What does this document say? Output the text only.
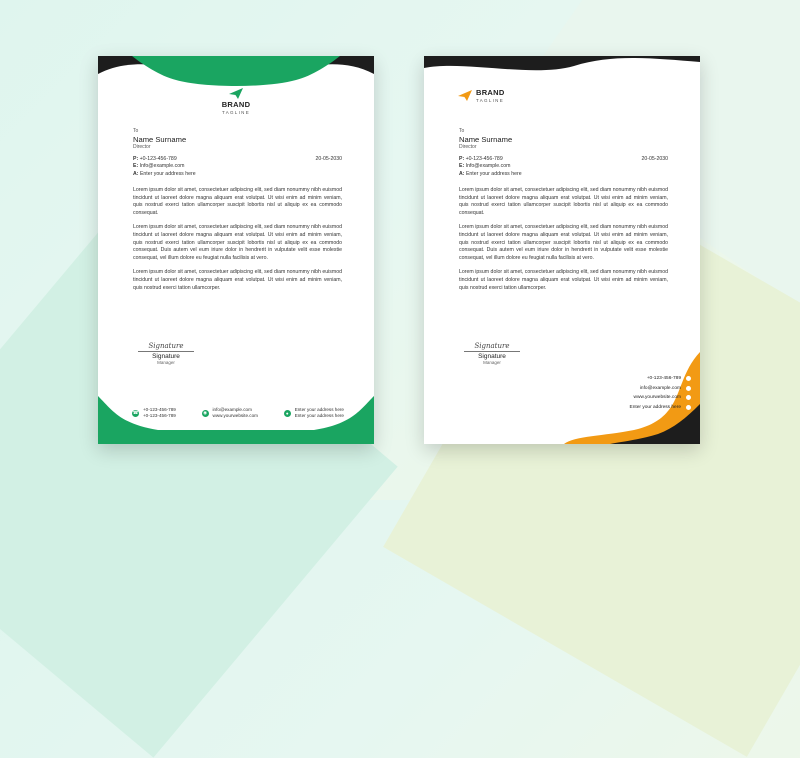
BRAND
TAGLINE
To
Name Surname
Director
P: +0-123-456-789
E: Info@example.com
A: Enter your address here
20-05-2030

Lorem ipsum dolor sit amet, consectetuer adipiscing elit, sed diam nonummy nibh euismod tincidunt ut laoreet dolore magna aliquam erat volutpat. Ut wisi enim ad minim veniam, quis nostrud exerci tation ullamcorper suscipit lobortis nisl ut aliquip ex ea commodo consequat.

Lorem ipsum dolor sit amet, consectetuer adipiscing elit, sed diam nonummy nibh euismod tincidunt ut laoreet dolore magna aliquam erat volutpat. Ut wisi enim ad minim veniam, quis nostrud exerci tation ullamcorper suscipit lobortis nisl ut aliquip ex ea commodo consequat. Duis autem vel eum iriure dolor in hendrerit in vulputate velit esse molestie consequat, vel illum dolore eu feugiat nulla facilisis at vero.

Lorem ipsum dolor sit amet, consectetuer adipiscing elit, sed diam nonummy nibh euismod tincidunt ut laoreet dolore magna aliquam erat volutpat. Ut wisi enim ad minim veniam, quis nostrud exerci tation ullamcorper.

Signature
Signature
Manager
☎
+0-123-456-789
+0-123-456-789
◉
info@example.com
www.yourwebsite.com	●
Enter your address here
Enter your address here
BRAND
TAGLINE
To
Name Surname
Director
P: +0-123-456-789
E: Info@example.com
A: Enter your address here
20-05-2030

Lorem ipsum dolor sit amet, consectetuer adipiscing elit, sed diam nonummy nibh euismod tincidunt ut laoreet dolore magna aliquam erat volutpat. Ut wisi enim ad minim veniam, quis nostrud exerci tation ullamcorper suscipit lobortis nisl ut aliquip ex ea commodo consequat.

Lorem ipsum dolor sit amet, consectetuer adipiscing elit, sed diam nonummy nibh euismod tincidunt ut laoreet dolore magna aliquam erat volutpat. Ut wisi enim ad minim veniam, quis nostrud exerci tation ullamcorper suscipit lobortis nisl ut aliquip ex ea commodo consequat. Duis autem vel eum iriure dolor in hendrerit in vulputate velit esse molestie consequat, vel illum dolore eu feugiat nulla facilisis at vero.

Lorem ipsum dolor sit amet, consectetuer adipiscing elit, sed diam nonummy nibh euismod tincidunt ut laoreet dolore magna aliquam erat volutpat. Ut wisi enim ad minim veniam, quis nostrud exerci tation ullamcorper.

Signature
Signature
Manager
+0-123-456-789
info@example.com
www.yourwebsite.com
Enter your address here
